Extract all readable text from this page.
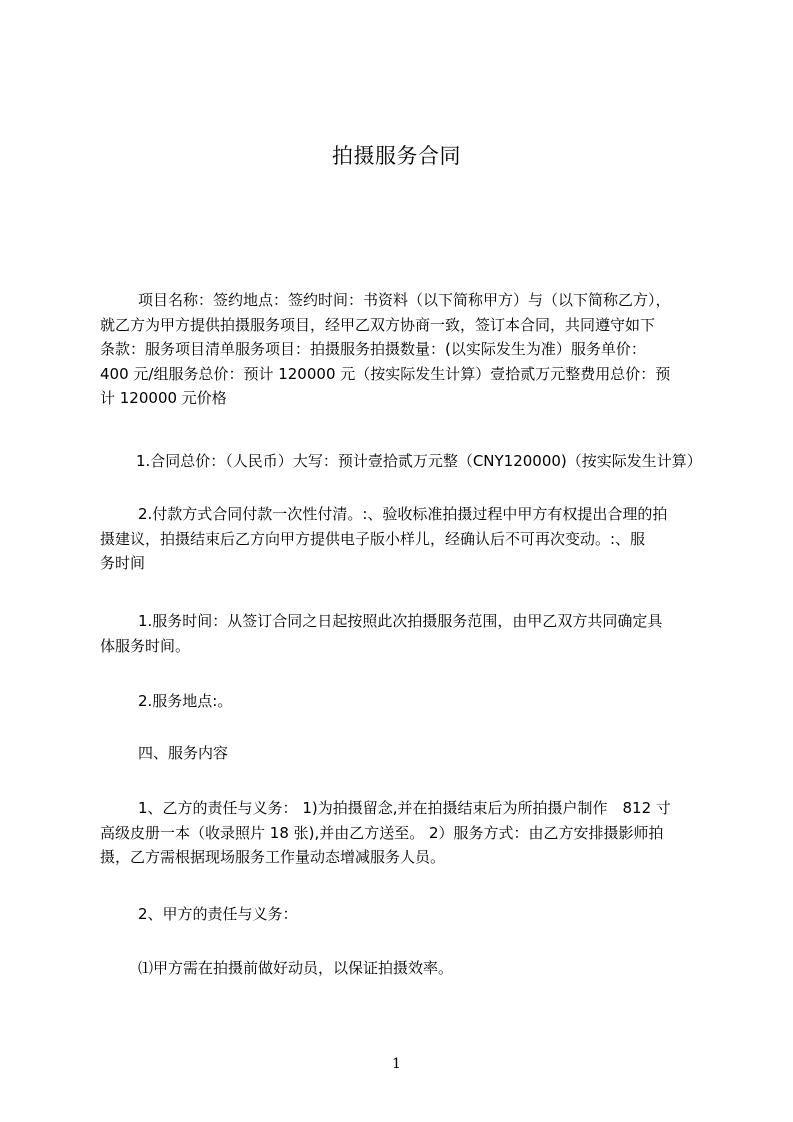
拍摄服务合同
项目名称：签约地点：签约时间：书资料（以下简称甲方）与（以下简称乙方），
就乙方为甲方提供拍摄服务项目，经甲乙双方协商一致，签订本合同，共同遵守如下
条款：服务项目清单服务项目：拍摄服务拍摄数量：(以实际发生为准）服务单价：
400 元/组服务总价：预计 120000 元（按实际发生计算）壹拾贰万元整费用总价：预
计 120000 元价格
1.合同总价：（人民币）大写：预计壹拾贰万元整（CNY120000)（按实际发生计算）
2.付款方式合同付款一次性付清。:、验收标准拍摄过程中甲方有权提出合理的拍
摄建议，拍摄结束后乙方向甲方提供电子版小样儿，经确认后不可再次变动。:、服
务时间
1.服务时间：从签订合同之日起按照此次拍摄服务范围，由甲乙双方共同确定具
体服务时间。
2.服务地点:。
四、服务内容
1、乙方的责任与义务： 1)为拍摄留念,并在拍摄结束后为所拍摄户制作　812 寸
高级皮册一本（收录照片 18 张),并由乙方送至。 2）服务方式：由乙方安排摄影师拍
摄，乙方需根据现场服务工作量动态增减服务人员。
2、甲方的责任与义务：
⑴甲方需在拍摄前做好动员，以保证拍摄效率。
1
